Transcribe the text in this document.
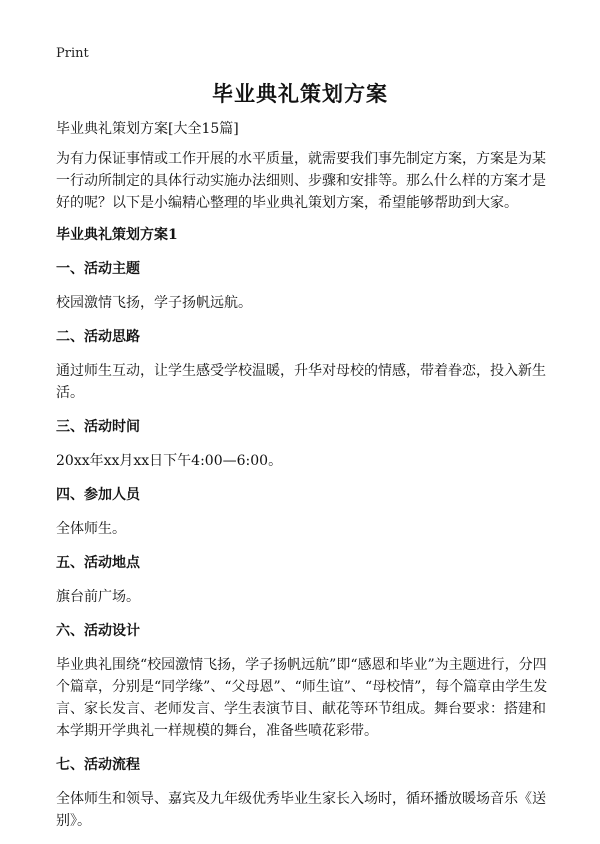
Print
毕业典礼策划方案

毕业典礼策划方案[大全15篇]

为有力保证事情或工作开展的水平质量，就需要我们事先制定方案，方案是为某一行动所制定的具体行动实施办法细则、步骤和安排等。那么什么样的方案才是好的呢？以下是小编精心整理的毕业典礼策划方案，希望能够帮助到大家。

毕业典礼策划方案1
一、活动主题

校园激情飞扬，学子扬帆远航。

二、活动思路

通过师生互动，让学生感受学校温暖，升华对母校的情感，带着眷恋，投入新生活。

三、活动时间

20xx年xx月xx日下午4:00—6:00。

四、参加人员

全体师生。

五、活动地点

旗台前广场。

六、活动设计

毕业典礼围绕“校园激情飞扬，学子扬帆远航”即“感恩和毕业”为主题进行，分四个篇章，分别是“同学缘”、“父母恩”、“师生谊”、“母校情”，每个篇章由学生发言、家长发言、老师发言、学生表演节目、献花等环节组成。舞台要求：搭建和本学期开学典礼一样规模的舞台，准备些喷花彩带。

七、活动流程

全体师生和领导、嘉宾及九年级优秀毕业生家长入场时，循环播放暖场音乐《送别》。
